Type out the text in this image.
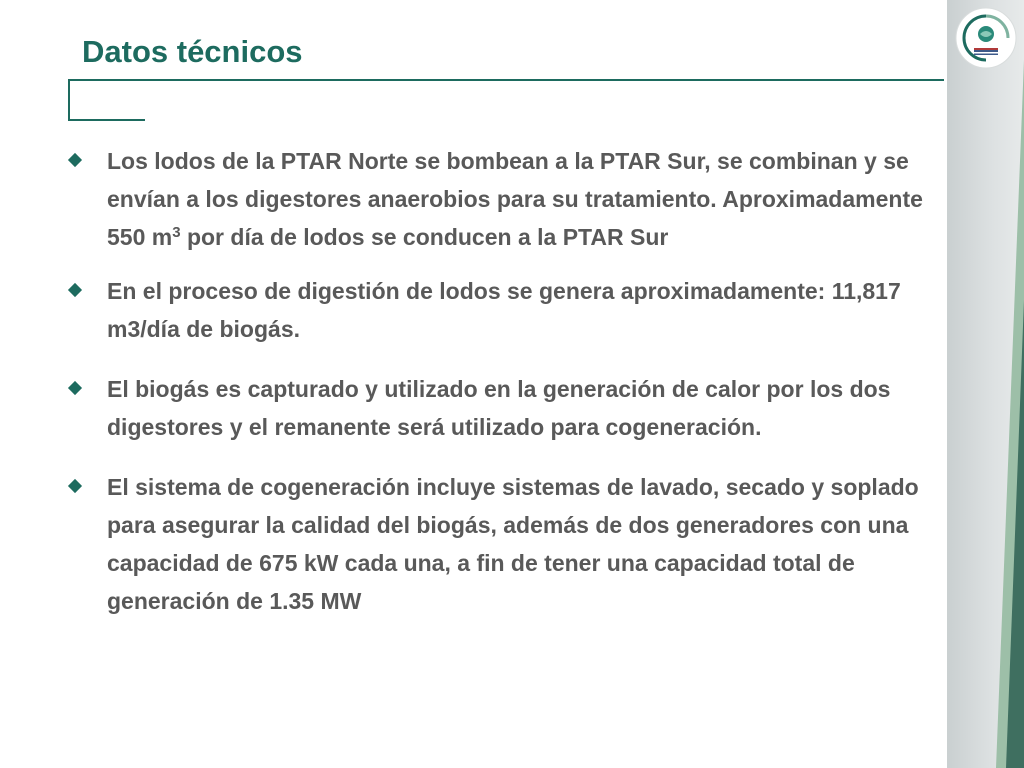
Datos técnicos
Los lodos de la PTAR Norte se bombean a la PTAR Sur, se combinan y se envían a los digestores anaerobios para su tratamiento. Aproximadamente 550 $m^3$ por día de lodos se conducen a la PTAR Sur
En el proceso de digestión de lodos se genera aproximadamente: 11,817 m3/día de biogás.
El biogás es capturado y utilizado en la generación de calor por los dos digestores y el remanente será utilizado para cogeneración.
El sistema de cogeneración incluye sistemas de lavado, secado y soplado para asegurar la calidad del biogás, además de dos generadores con una capacidad de 675 kW cada una, a fin de tener una capacidad total de generación de 1.35 MW
